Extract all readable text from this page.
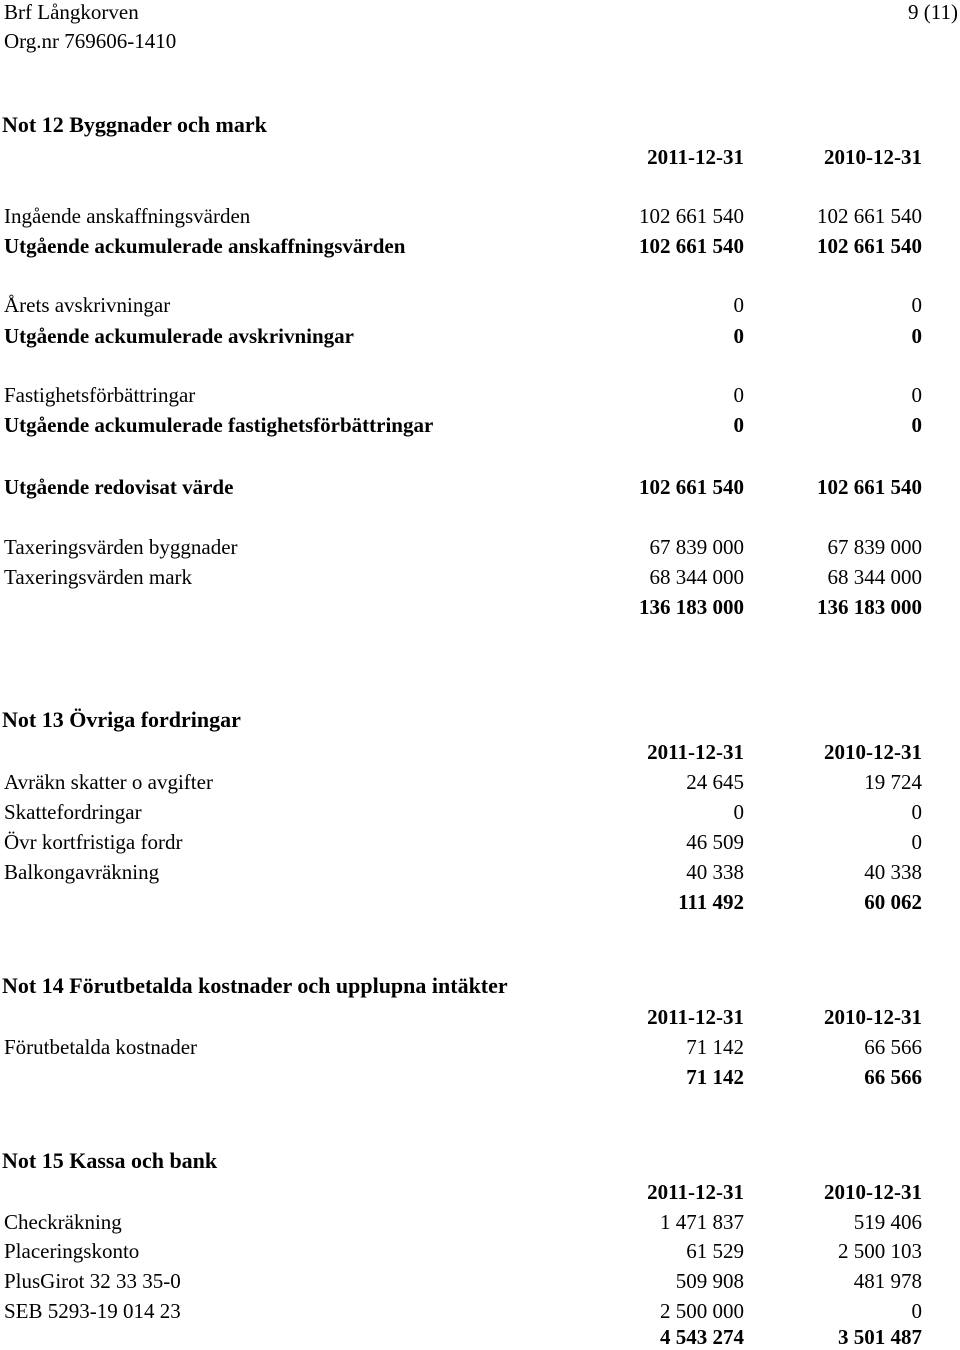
Brf Långkorven
Org.nr 769606-1410
9 (11)
Not 12 Byggnader och mark
2011-12-31	2010-12-31
Ingående anskaffningsvärden	102 661 540	102 661 540
Utgående ackumulerade anskaffningsvärden	102 661 540	102 661 540
Årets avskrivningar	0	0
Utgående ackumulerade avskrivningar	0	0
Fastighetsförbättringar	0	0
Utgående ackumulerade fastighetsförbättringar	0	0
Utgående redovisat värde	102 661 540	102 661 540
Taxeringsvärden byggnader	67 839 000	67 839 000
Taxeringsvärden mark	68 344 000	68 344 000
136 183 000	136 183 000
Not 13 Övriga fordringar
2011-12-31	2010-12-31
Avräkn skatter o avgifter	24 645	19 724
Skattefordringar	0	0
Övr kortfristiga fordr	46 509	0
Balkongavräkning	40 338	40 338
111 492	60 062
Not 14 Förutbetalda kostnader och upplupna intäkter
2011-12-31	2010-12-31
Förutbetalda kostnader	71 142	66 566
71 142	66 566
Not 15 Kassa och bank
2011-12-31	2010-12-31
Checkräkning	1 471 837	519 406
Placeringskonto	61 529	2 500 103
PlusGirot 32 33 35-0	509 908	481 978
SEB 5293-19 014 23	2 500 000	0
4 543 274	3 501 487
